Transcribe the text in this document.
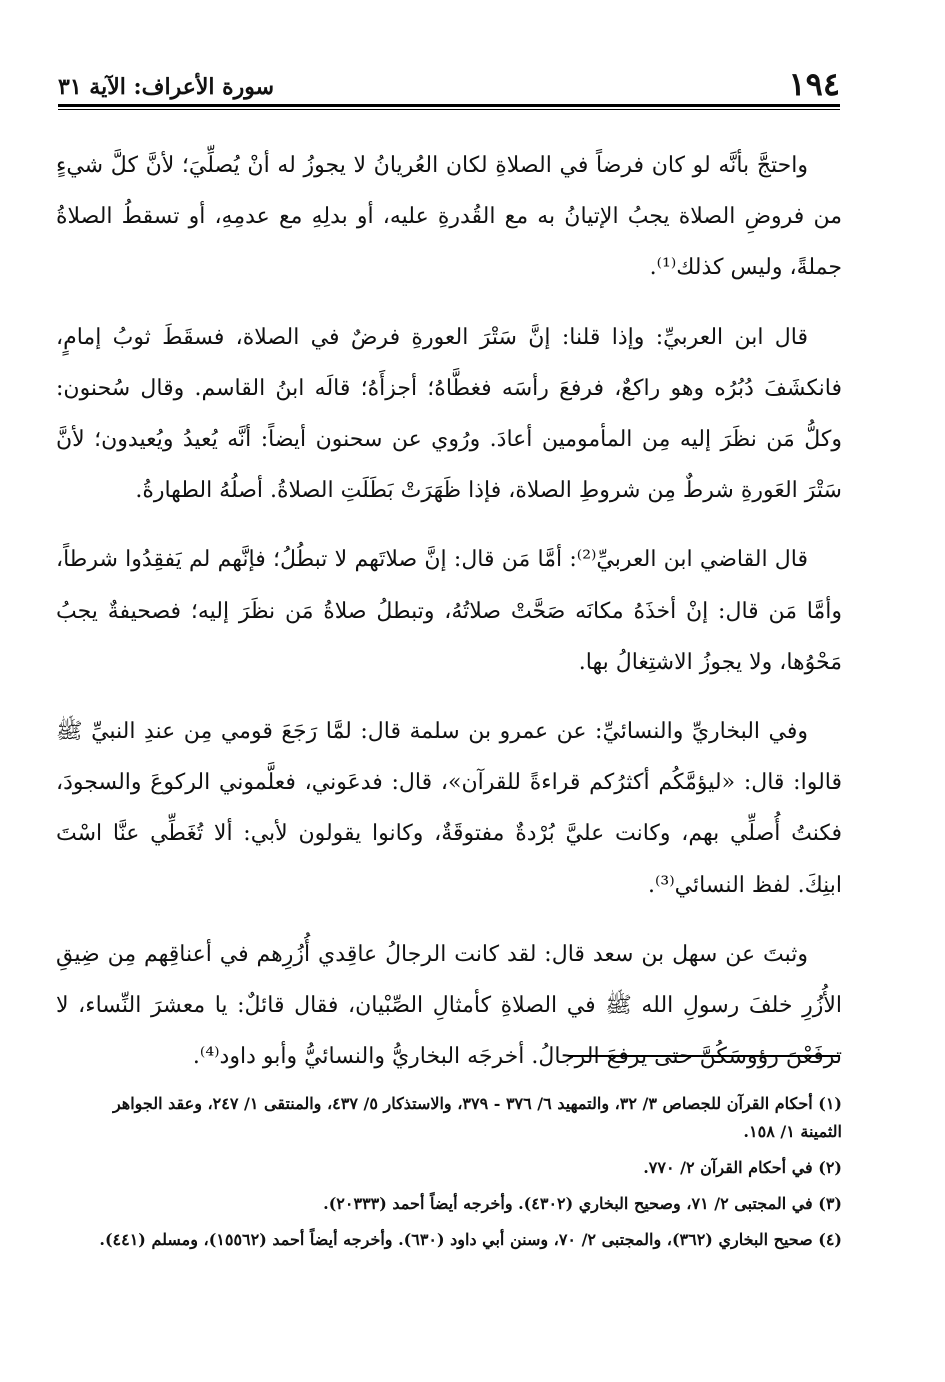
١٩٤
سورة الأعراف: الآية ٣١

واحتجَّ بأنَّه لو كان فرضاً في الصلاةِ لكان العُريانُ لا يجوزُ له أنْ يُصلِّيَ؛ لأنَّ كلَّ شيءٍ من فروضِ الصلاة يجبُ الإتيانُ به مع القُدرةِ عليه، أو بدلِهِ مع عدمِهِ، أو تسقطُ الصلاةُ جملةً، وليس كذلك⁽¹⁾.

قال ابن العربيِّ: وإذا قلنا: إنَّ سَتْرَ العورةِ فرضٌ في الصلاة، فسقَطَ ثوبُ إمامٍ، فانكشَفَ دُبُرُه وهو راكعٌ، فرفعَ رأسَه فغطَّاهُ؛ أجزأَهُ؛ قالَه ابنُ القاسم. وقال سُحنون: وكلُّ مَن نظَرَ إليه مِن المأمومين أعادَ. ورُوي عن سحنون أيضاً: أنَّه يُعيدُ ويُعيدون؛ لأنَّ سَتْرَ العَورةِ شرطٌ مِن شروطِ الصلاة، فإذا ظَهَرَتْ بَطَلَتِ الصلاةُ. أصلُهُ الطهارةُ.

قال القاضي ابن العربيِّ⁽²⁾: أمَّا مَن قال: إنَّ صلاتَهم لا تبطُلُ؛ فإنَّهم لم يَفقِدُوا شرطاً، وأمَّا مَن قال: إنْ أخذَهُ مكانَه صَحَّتْ صلاتُهُ، وتبطلُ صلاةُ مَن نظَرَ إليه؛ فصحيفةٌ يجبُ مَحْوُها، ولا يجوزُ الاشتِغالُ بها.

وفي البخاريِّ والنسائيِّ: عن عمرو بن سلمة قال: لمَّا رَجَعَ قومي مِن عندِ النبيِّ ﷺ قالوا: قال: «ليؤمَّكُم أكثرُكم قراءةً للقرآن»، قال: فدعَوني، فعلَّموني الركوعَ والسجودَ، فكنتُ أُصلِّي بهم، وكانت عليَّ بُرْدةٌ مفتوقَةٌ، وكانوا يقولون لأبي: ألا تُغَطِّي عنَّا اسْتَ ابنِكَ. لفظ النسائي⁽³⁾.

وثبتَ عن سهل بن سعد قال: لقد كانت الرجالُ عاقِدي أُزُرِهم في أعناقِهم مِن ضِيقِ الأُزُرِ خلفَ رسولِ الله ﷺ في الصلاةِ كأمثالِ الصِّبْيان، فقال قائلٌ: يا معشرَ النِّساء، لا ترفَعْنَ رؤوسَكُنَّ حتى يرفعَ الرجالُ. أخرجَه البخاريُّ والنسائيُّ وأبو داود⁽⁴⁾.

(١) أحكام القرآن للجصاص ٣/ ٣٢، والتمهيد ٦/ ٣٧٦ - ٣٧٩، والاستذكار ٥/ ٤٣٧، والمنتقى ١/ ٢٤٧، وعقد الجواهر الثمينة ١/ ١٥٨.
(٢) في أحكام القرآن ٢/ ٧٧٠.
(٣) في المجتبى ٢/ ٧١، وصحيح البخاري (٤٣٠٢). وأخرجه أيضاً أحمد (٢٠٣٣٣).
(٤) صحيح البخاري (٣٦٢)، والمجتبى ٢/ ٧٠، وسنن أبي داود (٦٣٠). وأخرجه أيضاً أحمد (١٥٥٦٢)، ومسلم (٤٤١).
